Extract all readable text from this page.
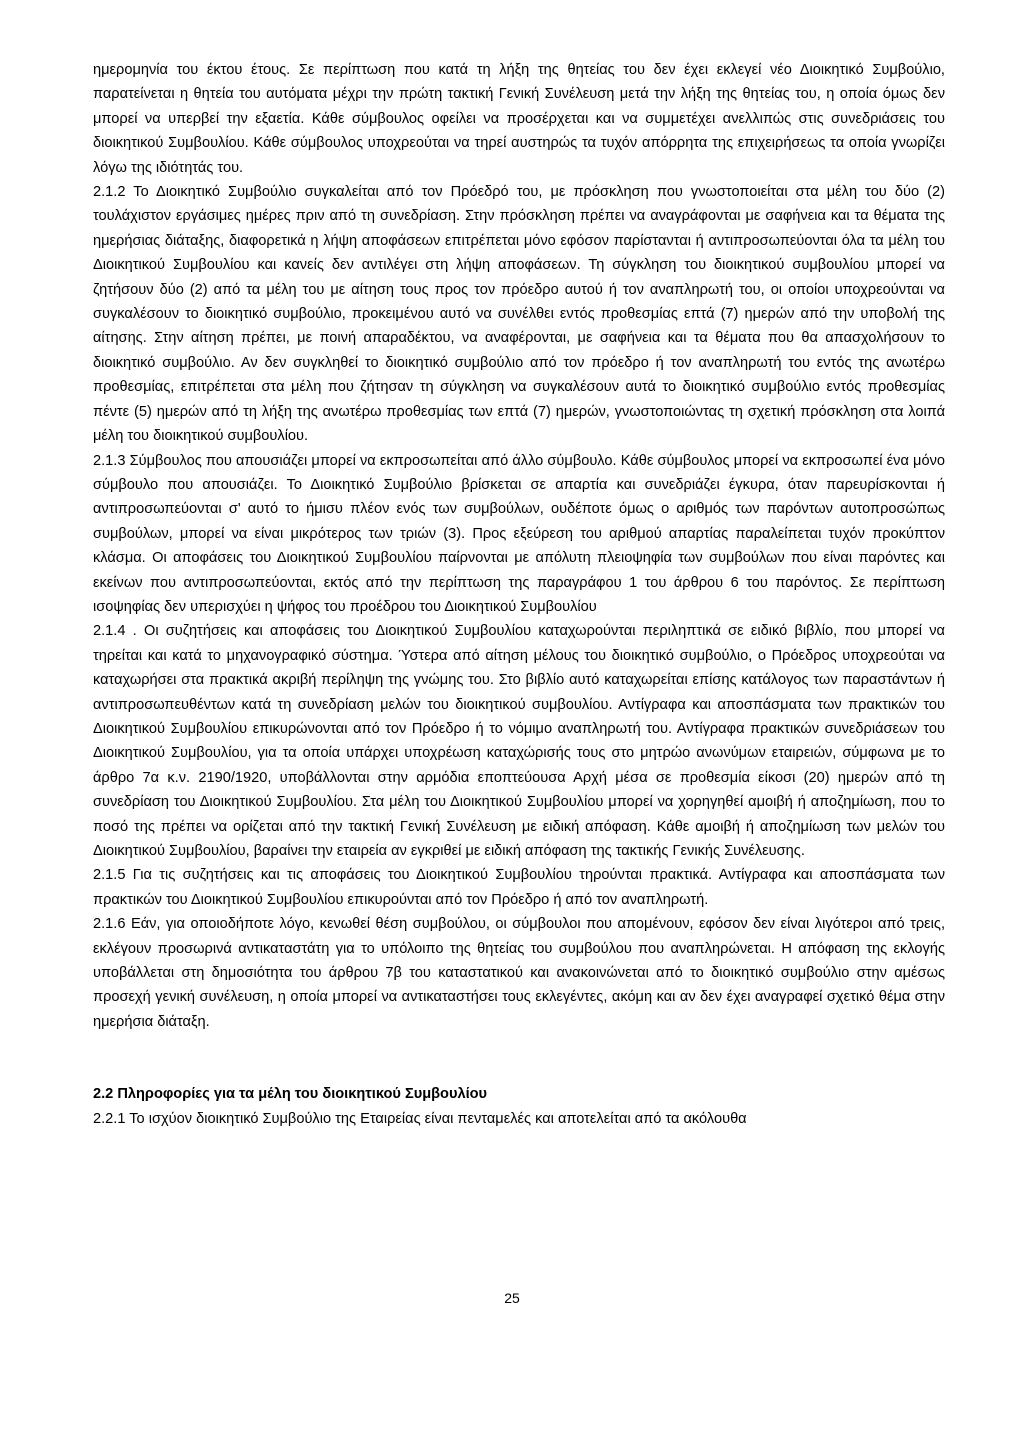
ημερομηνία του έκτου έτους. Σε περίπτωση που κατά τη λήξη της θητείας του δεν έχει εκλεγεί νέο Διοικητικό Συμβούλιο, παρατείνεται η θητεία του αυτόματα μέχρι την πρώτη τακτική Γενική Συνέλευση μετά την λήξη της θητείας του, η οποία όμως δεν μπορεί να υπερβεί την εξαετία. Κάθε σύμβουλος οφείλει να προσέρχεται και να συμμετέχει ανελλιπώς στις συνεδριάσεις του διοικητικού Συμβουλίου. Κάθε σύμβουλος υποχρεούται να τηρεί αυστηρώς τα τυχόν απόρρητα της επιχειρήσεως τα οποία γνωρίζει λόγω της ιδιότητάς του.

2.1.2 Το Διοικητικό Συμβούλιο συγκαλείται από τον Πρόεδρό του, με πρόσκληση που γνωστοποιείται στα μέλη του δύο (2) τουλάχιστον εργάσιμες ημέρες πριν από τη συνεδρίαση. Στην πρόσκληση πρέπει να αναγράφονται με σαφήνεια και τα θέματα της ημερήσιας διάταξης, διαφορετικά η λήψη αποφάσεων επιτρέπεται μόνο εφόσον παρίστανται ή αντιπροσωπεύονται όλα τα μέλη του Διοικητικού Συμβουλίου και κανείς δεν αντιλέγει στη λήψη αποφάσεων. Τη σύγκληση του διοικητικού συμβουλίου μπορεί να ζητήσουν δύο (2) από τα μέλη του με αίτηση τους προς τον πρόεδρο αυτού ή τον αναπληρωτή του, οι οποίοι υποχρεούνται να συγκαλέσουν το διοικητικό συμβούλιο, προκειμένου αυτό να συνέλθει εντός προθεσμίας επτά (7) ημερών από την υποβολή της αίτησης. Στην αίτηση πρέπει, με ποινή απαραδέκτου, να αναφέρονται, με σαφήνεια και τα θέματα που θα απασχολήσουν το διοικητικό συμβούλιο. Αν δεν συγκληθεί το διοικητικό συμβούλιο από τον πρόεδρο ή τον αναπληρωτή του εντός της ανωτέρω προθεσμίας, επιτρέπεται στα μέλη που ζήτησαν τη σύγκληση να συγκαλέσουν αυτά το διοικητικό συμβούλιο εντός προθεσμίας πέντε (5) ημερών από τη λήξη της ανωτέρω προθεσμίας των επτά (7) ημερών, γνωστοποιώντας τη σχετική πρόσκληση στα λοιπά μέλη του διοικητικού συμβουλίου.

2.1.3 Σύμβουλος που απουσιάζει μπορεί να εκπροσωπείται από άλλο σύμβουλο. Κάθε σύμβουλος μπορεί να εκπροσωπεί ένα μόνο σύμβουλο που απουσιάζει. Το Διοικητικό Συμβούλιο βρίσκεται σε απαρτία και συνεδριάζει έγκυρα, όταν παρευρίσκονται ή αντιπροσωπεύονται σ' αυτό το ήμισυ πλέον ενός των συμβούλων, ουδέποτε όμως ο αριθμός των παρόντων αυτοπροσώπως συμβούλων, μπορεί να είναι μικρότερος των τριών (3). Προς εξεύρεση του αριθμού απαρτίας παραλείπεται τυχόν προκύπτον κλάσμα. Οι αποφάσεις του Διοικητικού Συμβουλίου παίρνονται με απόλυτη πλειοψηφία των συμβούλων που είναι παρόντες και εκείνων που αντιπροσωπεύονται, εκτός από την περίπτωση της παραγράφου 1 του άρθρου 6 του παρόντος. Σε περίπτωση ισοψηφίας δεν υπερισχύει η ψήφος του προέδρου του Διοικητικού Συμβουλίου

2.1.4 . Οι συζητήσεις και αποφάσεις του Διοικητικού Συμβουλίου καταχωρούνται περιληπτικά σε ειδικό βιβλίο, που μπορεί να τηρείται και κατά το μηχανογραφικό σύστημα. Ύστερα από αίτηση μέλους του διοικητικό συμβούλιο, ο Πρόεδρος υποχρεούται να καταχωρήσει στα πρακτικά ακριβή περίληψη της γνώμης του. Στο βιβλίο αυτό καταχωρείται επίσης κατάλογος των παραστάντων ή αντιπροσωπευθέντων κατά τη συνεδρίαση μελών του διοικητικού συμβουλίου. Αντίγραφα και αποσπάσματα των πρακτικών του Διοικητικού Συμβουλίου επικυρώνονται από τον Πρόεδρο ή το νόμιμο αναπληρωτή του. Αντίγραφα πρακτικών συνεδριάσεων του Διοικητικού Συμβουλίου, για τα οποία υπάρχει υποχρέωση καταχώρισής τους στο μητρώο ανωνύμων εταιρειών, σύμφωνα με το άρθρο 7α κ.ν. 2190/1920, υποβάλλονται στην αρμόδια εποπτεύουσα Αρχή μέσα σε προθεσμία είκοσι (20) ημερών από τη συνεδρίαση του Διοικητικού Συμβουλίου. Στα μέλη του Διοικητικού Συμβουλίου μπορεί να χορηγηθεί αμοιβή ή αποζημίωση, που το ποσό της πρέπει να ορίζεται από την τακτική Γενική Συνέλευση με ειδική απόφαση. Κάθε αμοιβή ή αποζημίωση των μελών του Διοικητικού Συμβουλίου, βαραίνει την εταιρεία αν εγκριθεί με ειδική απόφαση της τακτικής Γενικής Συνέλευσης.

2.1.5 Για τις συζητήσεις και τις αποφάσεις του Διοικητικού Συμβουλίου τηρούνται πρακτικά. Αντίγραφα και αποσπάσματα των πρακτικών του Διοικητικού Συμβουλίου επικυρούνται από τον Πρόεδρο ή από τον αναπληρωτή.

2.1.6 Εάν, για οποιοδήποτε λόγο, κενωθεί θέση συμβούλου, οι σύμβουλοι που απομένουν, εφόσον δεν είναι λιγότεροι από τρεις, εκλέγουν προσωρινά αντικαταστάτη για το υπόλοιπο της θητείας του συμβούλου που αναπληρώνεται. Η απόφαση της εκλογής υποβάλλεται στη δημοσιότητα του άρθρου 7β του καταστατικού και ανακοινώνεται από το διοικητικό συμβούλιο στην αμέσως προσεχή γενική συνέλευση, η οποία μπορεί να αντικαταστήσει τους εκλεγέντες, ακόμη και αν δεν έχει αναγραφεί σχετικό θέμα στην ημερήσια διάταξη.

2.2 Πληροφορίες για τα μέλη του διοικητικού Συμβουλίου

2.2.1 Το ισχύον διοικητικό Συμβούλιο της Εταιρείας είναι πενταμελές και αποτελείται από τα ακόλουθα

25
